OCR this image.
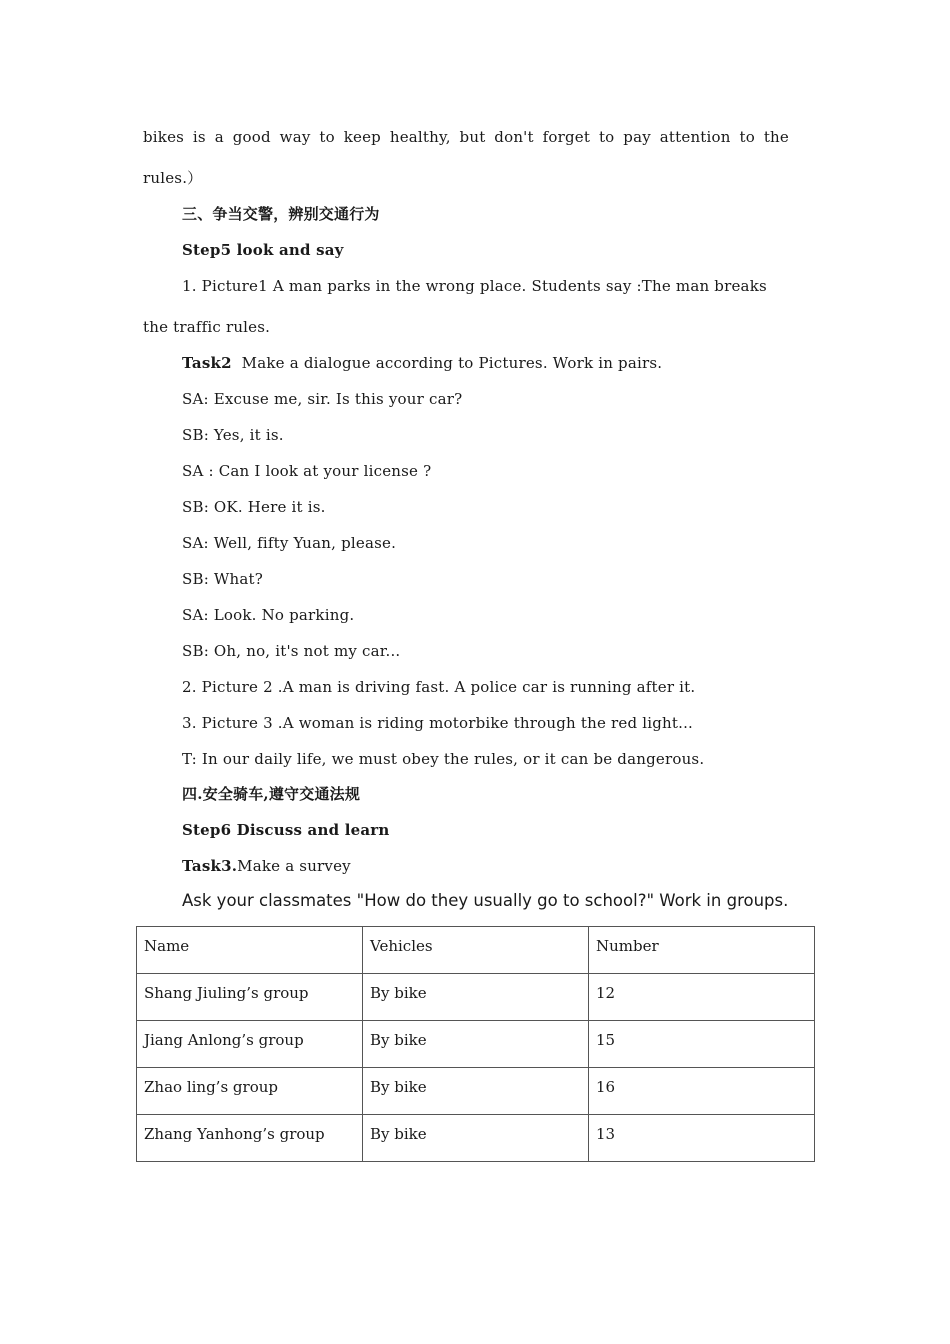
bikes is a good way to keep healthy, but don't forget to pay attention to the
rules.）
三、争当交警，辨别交通行为
Step5 look and say
1. Picture1 A man parks in the wrong place. Students say :The man breaks
the traffic rules.
Task2  Make a dialogue according to Pictures. Work in pairs.
SA: Excuse me, sir. Is this your car?
SB: Yes, it is.
SA : Can I look at your license ?
SB: OK. Here it is.
SA: Well, fifty Yuan, please.
SB: What?
SA: Look. No parking.
SB: Oh, no, it's not my car...
2. Picture 2 .A man is driving fast. A police car is running after it.
3. Picture 3 .A woman is riding motorbike through the red light...
T: In our daily life, we must obey the rules, or it can be dangerous.
四.安全骑车,遵守交通法规
Step6 Discuss and learn
Task3.Make a survey
Ask your classmates "How do they usually go to school?" Work in groups.
Name	Vehicles	Number
Shang Jiuling’s group	By bike	12
Jiang Anlong’s group	By bike	15
Zhao ling’s group	By bike	16
Zhang Yanhong’s group	By bike	13
